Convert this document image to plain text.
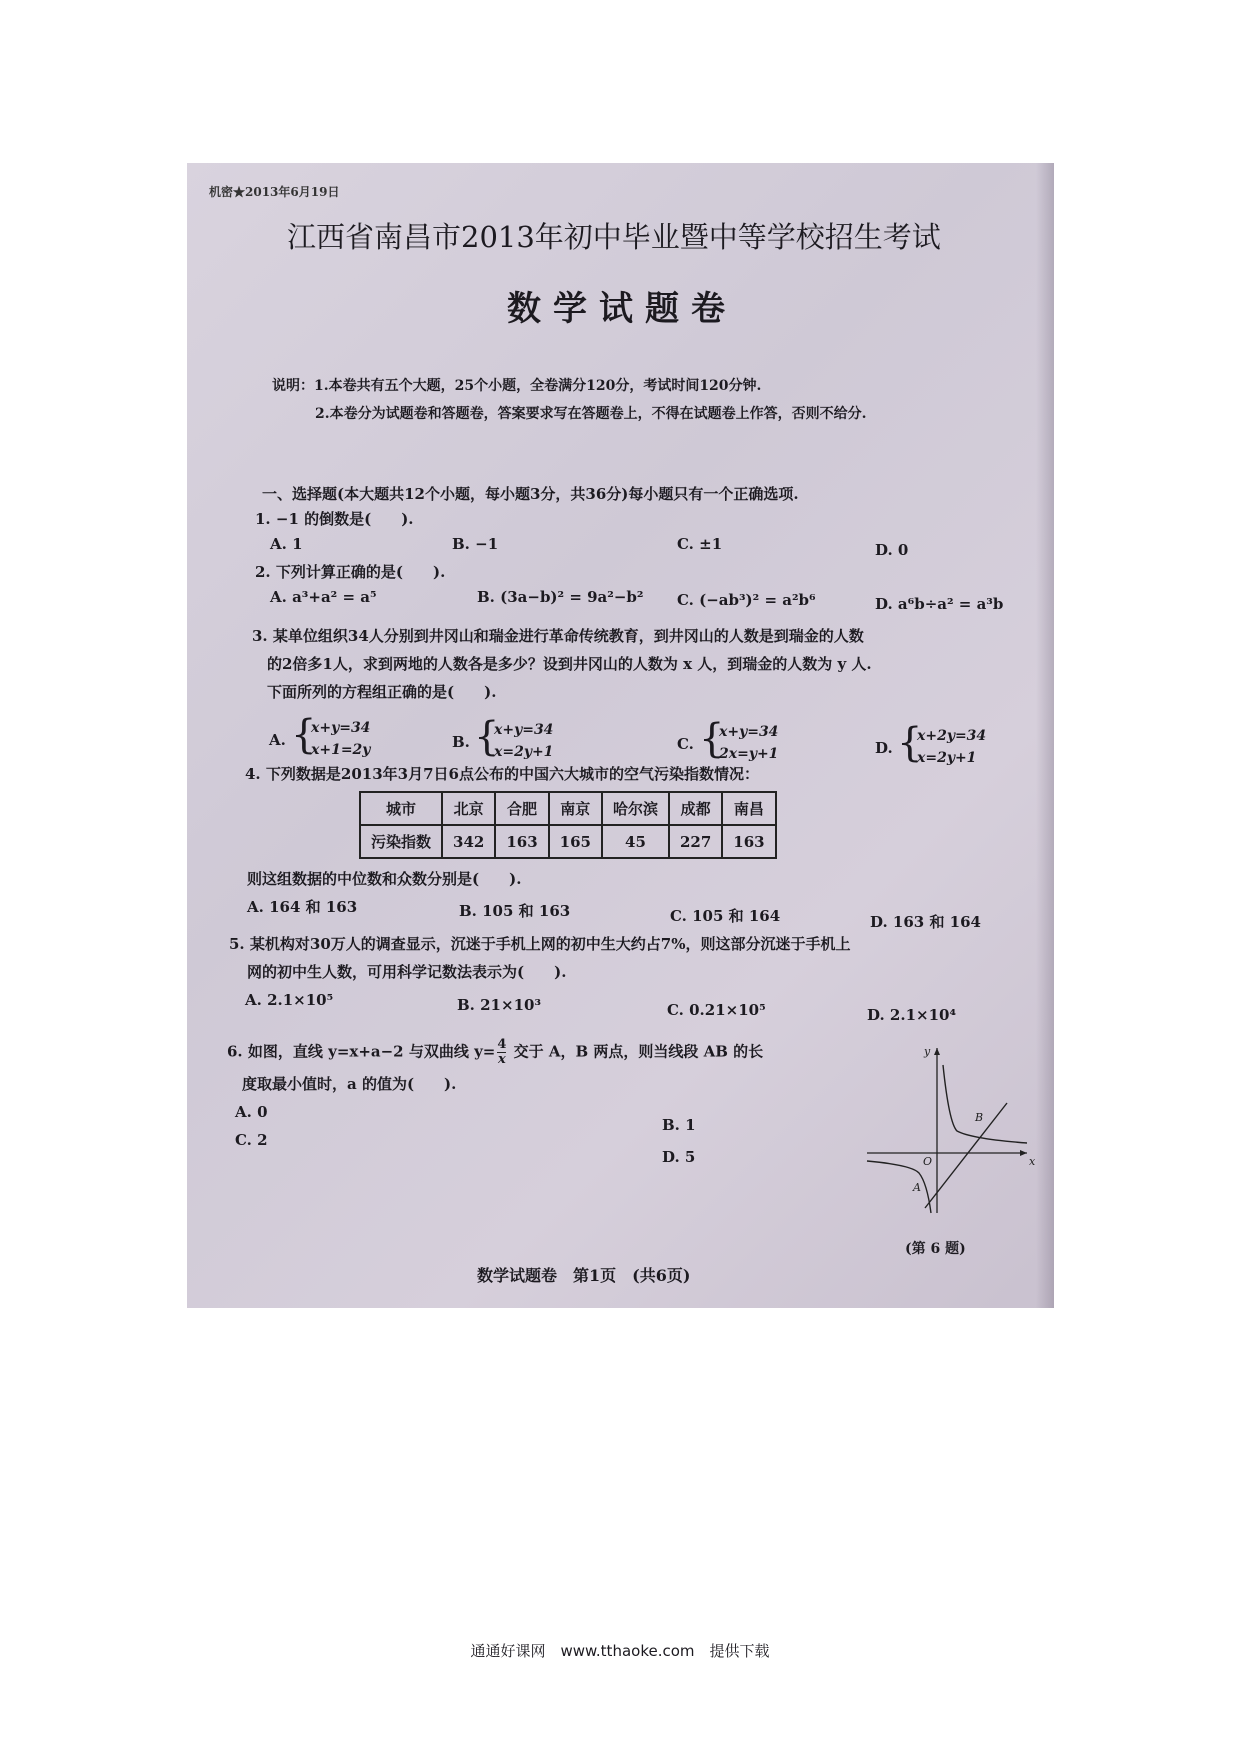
机密★2013年6月19日
江西省南昌市2013年初中毕业暨中等学校招生考试
数学试题卷
说明：1.本卷共有五个大题，25个小题，全卷满分120分，考试时间120分钟.
2.本卷分为试题卷和答题卷，答案要求写在答题卷上，不得在试题卷上作答，否则不给分.
一、选择题(本大题共12个小题，每小题3分，共36分)每小题只有一个正确选项.
1. −1 的倒数是(　　).
A. 1	B. −1	C. ±1	D. 0
2. 下列计算正确的是(　　).
A. a³+a² = a⁵	B. (3a−b)² = 9a²−b² C. (−ab³)² = a²b⁶	D. a⁶b÷a² = a³b
3. 某单位组织34人分别到井冈山和瑞金进行革命传统教育，到井冈山的人数是到瑞金的人数
的2倍多1人，求到两地的人数各是多少？设到井冈山的人数为 x 人，到瑞金的人数为 y 人.
下面所列的方程组正确的是(　　).
A. {
x+y=34
x+1=2y	B. {
x+y=34
x=2y+1	C. {
x+y=34
2x=y+1	D. {
x+2y=34
x=2y+1
4. 下列数据是2013年3月7日6点公布的中国六大城市的空气污染指数情况：
城市	北京	合肥	南京	哈尔滨	成都	南昌
污染指数	342	163	165	45	227	163
则这组数据的中位数和众数分别是(　　).
A. 164 和 163	B. 105 和 163	C. 105 和 164	D. 163 和 164
5. 某机构对30万人的调查显示，沉迷于手机上网的初中生大约占7%，则这部分沉迷于手机上
网的初中生人数，可用科学记数法表示为(　　).
A. 2.1×10⁵	B. 21×10³	C. 0.21×10⁵	D. 2.1×10⁴
6. 如图，直线 y=x+a−2 与双曲线 $y= \frac{4}{x}$ 交于 A，B 两点，则当线段 AB 的长
度取最小值时，a 的值为(　　).
A. 0
B. 1
C. 2
D. 5
y
x
O
A
B
(第 6 题)
数学试题卷　第1页　(共6页)
通通好课网　www.tthaoke.com　提供下载
